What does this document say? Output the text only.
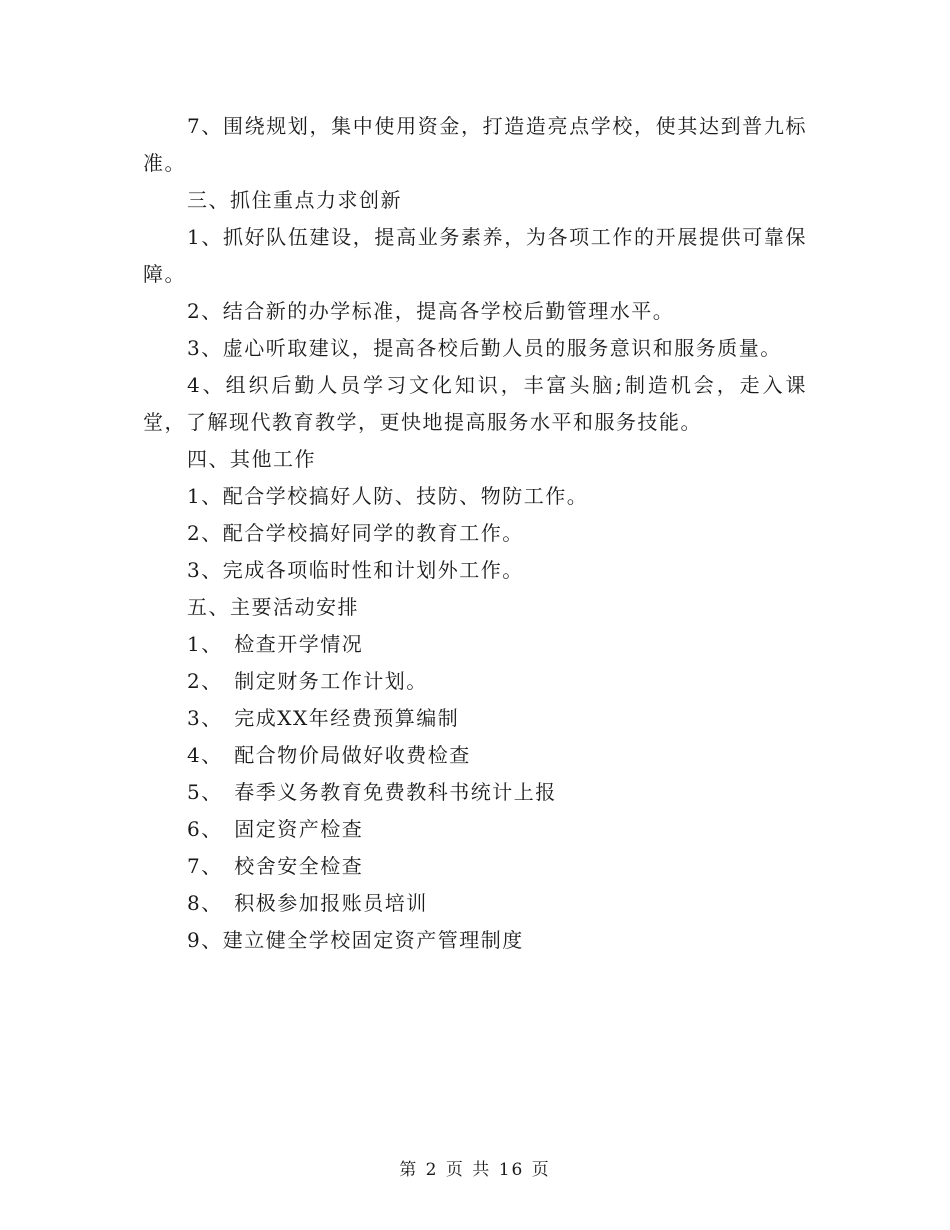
7、围绕规划，集中使用资金，打造造亮点学校，使其达到普九标准。

三、抓住重点力求创新

1、抓好队伍建设，提高业务素养，为各项工作的开展提供可靠保障。

2、结合新的办学标准，提高各学校后勤管理水平。

3、虚心听取建议，提高各校后勤人员的服务意识和服务质量。

4、组织后勤人员学习文化知识，丰富头脑;制造机会，走入课堂，了解现代教育教学，更快地提高服务水平和服务技能。

四、其他工作

1、配合学校搞好人防、技防、物防工作。

2、配合学校搞好同学的教育工作。

3、完成各项临时性和计划外工作。

五、主要活动安排

1、　检查开学情况

2、　制定财务工作计划。

3、　完成XX年经费预算编制

4、　配合物价局做好收费检查

5、　春季义务教育免费教科书统计上报

6、　固定资产检查

7、　校舍安全检查

8、　积极参加报账员培训

9、建立健全学校固定资产管理制度

第 2 页 共 16 页
